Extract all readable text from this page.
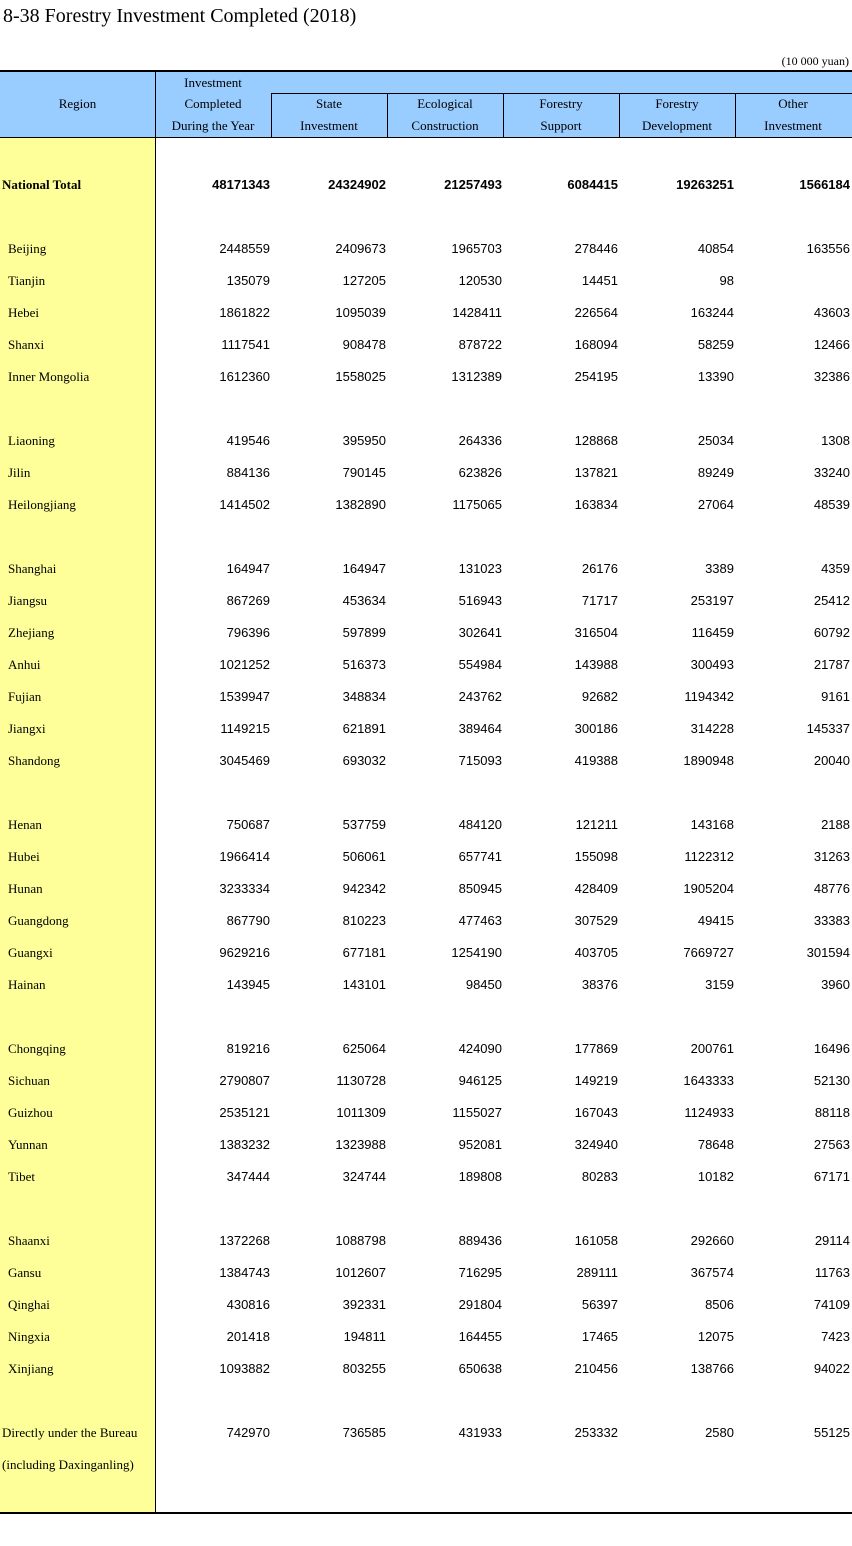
8-38 Forestry Investment Completed (2018)
(10 000 yuan)
Region
Investment
Completed
During the Year
State
Investment
Ecological
Construction
Forestry
Support
Forestry
Development
Other
Investment
National Total	48171343	24324902	21257493	6084415	19263251	1566184
Beijing	2448559	2409673	1965703	278446	40854	163556
Tianjin	135079	127205	120530	14451	98
Hebei	1861822	1095039	1428411	226564	163244	43603
Shanxi	1117541	908478	878722	168094	58259	12466
Inner Mongolia	1612360	1558025	1312389	254195	13390	32386
Liaoning	419546	395950	264336	128868	25034	1308
Jilin	884136	790145	623826	137821	89249	33240
Heilongjiang	1414502	1382890	1175065	163834	27064	48539
Shanghai	164947	164947	131023	26176	3389	4359
Jiangsu	867269	453634	516943	71717	253197	25412
Zhejiang	796396	597899	302641	316504	116459	60792
Anhui	1021252	516373	554984	143988	300493	21787
Fujian	1539947	348834	243762	92682	1194342	9161
Jiangxi	1149215	621891	389464	300186	314228	145337
Shandong	3045469	693032	715093	419388	1890948	20040
Henan	750687	537759	484120	121211	143168	2188
Hubei	1966414	506061	657741	155098	1122312	31263
Hunan	3233334	942342	850945	428409	1905204	48776
Guangdong	867790	810223	477463	307529	49415	33383
Guangxi	9629216	677181	1254190	403705	7669727	301594
Hainan	143945	143101	98450	38376	3159	3960
Chongqing	819216	625064	424090	177869	200761	16496
Sichuan	2790807	1130728	946125	149219	1643333	52130
Guizhou	2535121	1011309	1155027	167043	1124933	88118
Yunnan	1383232	1323988	952081	324940	78648	27563
Tibet	347444	324744	189808	80283	10182	67171
Shaanxi	1372268	1088798	889436	161058	292660	29114
Gansu	1384743	1012607	716295	289111	367574	11763
Qinghai	430816	392331	291804	56397	8506	74109
Ningxia	201418	194811	164455	17465	12075	7423
Xinjiang	1093882	803255	650638	210456	138766	94022
Directly under the Bureau	742970	736585	431933	253332	2580	55125
(including Daxinganling)
